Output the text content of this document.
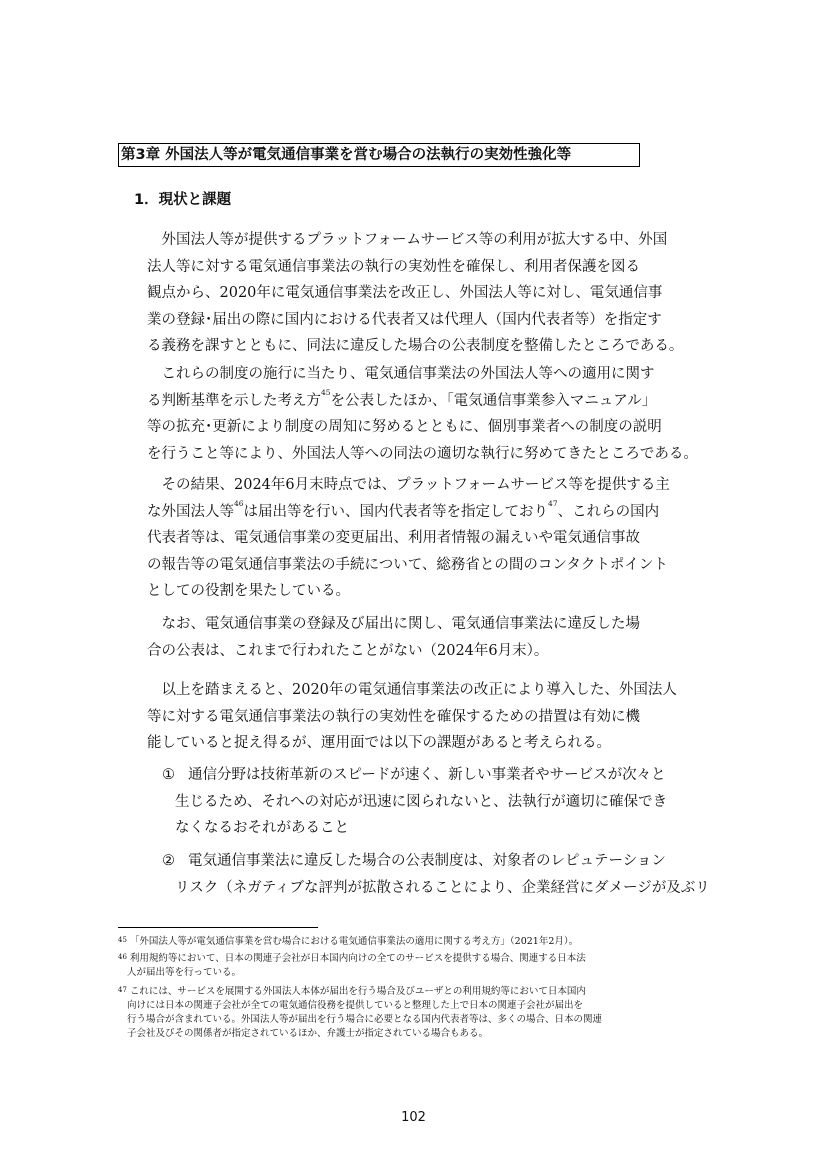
第3章 外国法人等が電気通信事業を営む場合の法執行の実効性強化等
1．現状と課題
外国法人等が提供するプラットフォームサービス等の利用が拡大する中、外国
法人等に対する電気通信事業法の執行の実効性を確保し、利用者保護を図る
観点から、2020年に電気通信事業法を改正し、外国法人等に対し、電気通信事
業の登録･届出の際に国内における代表者又は代理人（国内代表者等）を指定す
る義務を課すとともに、同法に違反した場合の公表制度を整備したところである。
これらの制度の施行に当たり、電気通信事業法の外国法人等への適用に関す
る判断基準を示した考え方$^{45}$を公表したほか、「電気通信事業参入マニュアル」
等の拡充･更新により制度の周知に努めるとともに、個別事業者への制度の説明
を行うこと等により、外国法人等への同法の適切な執行に努めてきたところである。
その結果、2024年6月末時点では、プラットフォームサービス等を提供する主
な外国法人等$^{46}$は届出等を行い、国内代表者等を指定しており$^{47}$、これらの国内
代表者等は、電気通信事業の変更届出、利用者情報の漏えいや電気通信事故
の報告等の電気通信事業法の手続について、総務省との間のコンタクトポイント
としての役割を果たしている。
なお、電気通信事業の登録及び届出に関し、電気通信事業法に違反した場
合の公表は、これまで行われたことがない（2024年6月末）。
以上を踏まえると、2020年の電気通信事業法の改正により導入した、外国法人
等に対する電気通信事業法の執行の実効性を確保するための措置は有効に機
能していると捉え得るが、運用面では以下の課題があると考えられる。
① 通信分野は技術革新のスピードが速く、新しい事業者やサービスが次々と
生じるため、それへの対応が迅速に図られないと、法執行が適切に確保でき
なくなるおそれがあること
② 電気通信事業法に違反した場合の公表制度は、対象者のレピュテーション
リスク（ネガティブな評判が拡散されることにより、企業経営にダメージが及ぶリ
$^{45}$ 「外国法人等が電気通信事業を営む場合における電気通信事業法の適用に関する考え方」（2021年2月）。
$^{46}$ 利用規約等において、日本の関連子会社が日本国内向けの全てのサービスを提供する場合、関連する日本法
人が届出等を行っている。
$^{47}$ これには、サービスを展開する外国法人本体が届出を行う場合及びユーザとの利用規約等において日本国内
向けには日本の関連子会社が全ての電気通信役務を提供していると整理した上で日本の関連子会社が届出を
行う場合が含まれている。外国法人等が届出を行う場合に必要となる国内代表者等は、多くの場合、日本の関連
子会社及びその関係者が指定されているほか、弁護士が指定されている場合もある。
102
